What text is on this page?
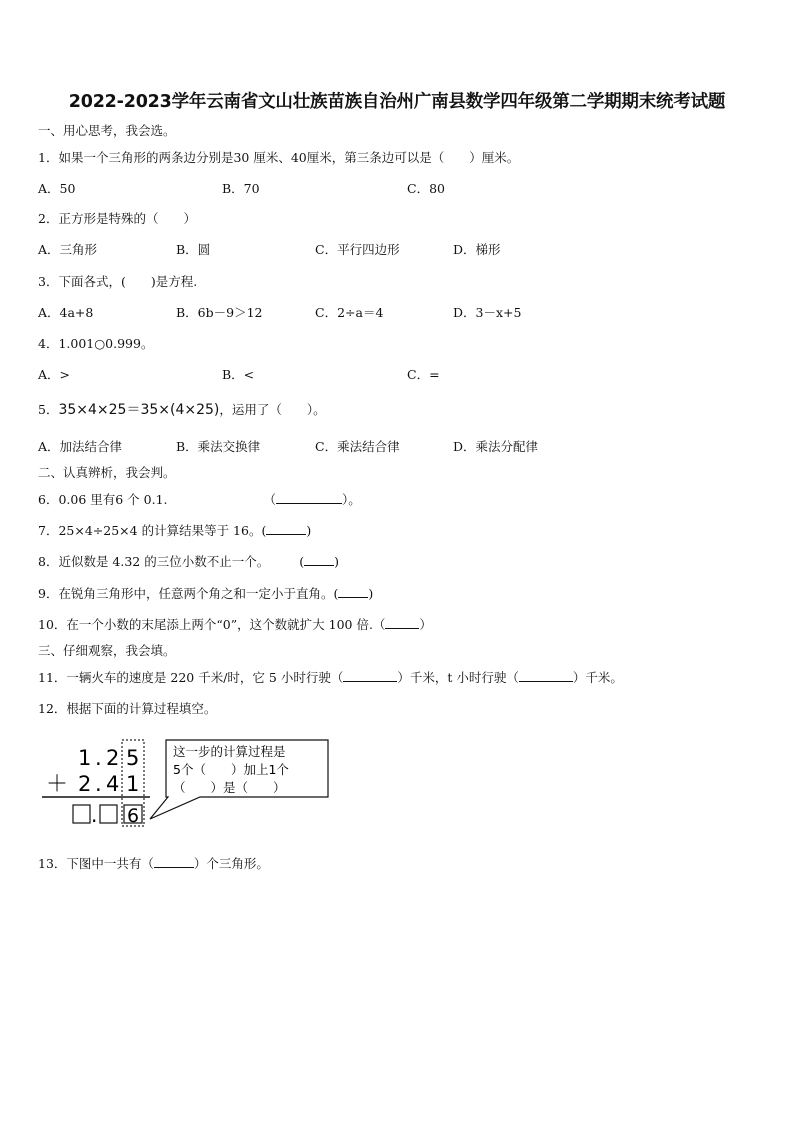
2022-2023学年云南省文山壮族苗族自治州广南县数学四年级第二学期期末统考试题
一、用心思考，我会选。
1．如果一个三角形的两条边分别是30 厘米、40厘米，第三条边可以是（　　）厘米。
A．50	B．70	C．80
2．正方形是特殊的（　　）
A．三角形	B．圆	C．平行四边形	D．梯形
3．下面各式，(　　)是方程.
A．4a+8	B．6b－9＞12	C．2÷a＝4	D．3－x+5
4．1.001○0.999。
A．>	B．<	C．=
5．35×4×25＝35×(4×25)，运用了（　　）。
A．加法结合律	B．乘法交换律	C．乘法结合律	D．乘法分配律
二、认真辨析，我会判。
6．0.06 里有6 个 0.1.	（	）。
7．25×4÷25×4 的计算结果等于 16。(	)
8．近似数是 4.32 的三位小数不止一个。 ( )
9．在锐角三角形中，任意两个角之和一定小于直角。( )
10．在一个小数的末尾添上两个“0”，这个数就扩大 100 倍.（	）
三、仔细观察，我会填。
11．一辆火车的速度是 220 千米/时，它 5 小时行驶（	）千米，t 小时行驶（	）千米。
12．根据下面的计算过程填空。
1 . 2 5
＋ 2 . 4 1
. 6
这一步的计算过程是
5个（　　）加上1个
（　　）是（　　）
13．下图中一共有（	）个三角形。
